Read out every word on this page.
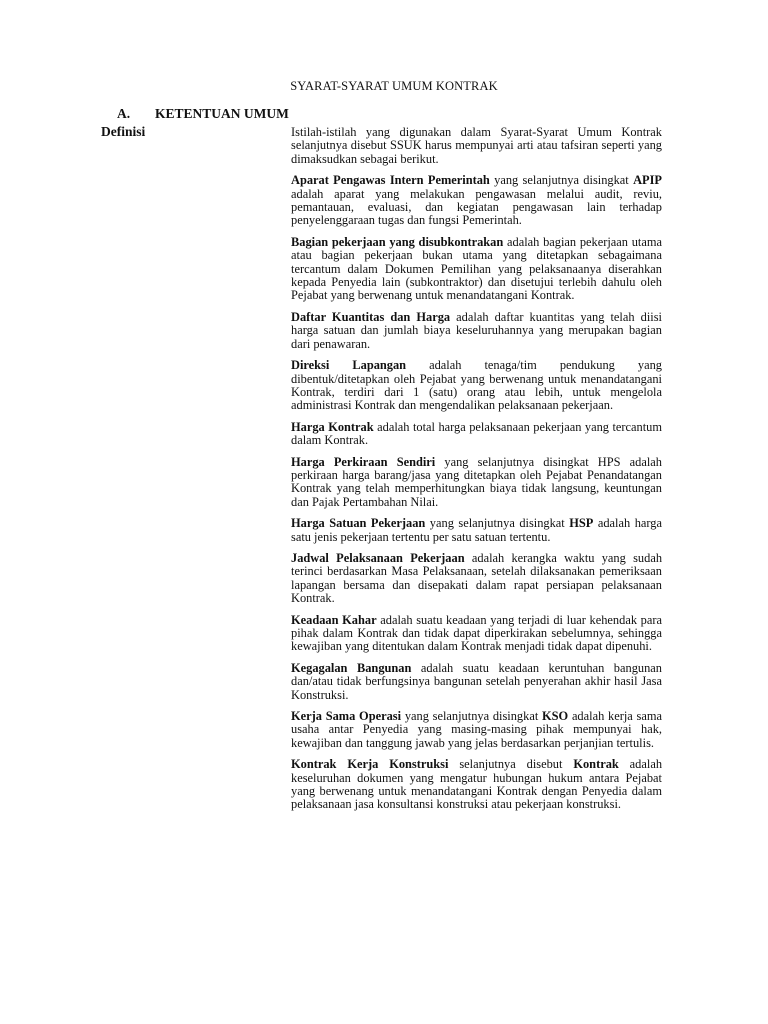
SYARAT-SYARAT UMUM KONTRAK
A. KETENTUAN UMUM
Definisi	Istilah-istilah yang digunakan dalam Syarat-Syarat Umum Kontrak selanjutnya disebut SSUK harus mempunyai arti atau tafsiran seperti yang dimaksudkan sebagai berikut.

Aparat Pengawas Intern Pemerintah yang selanjutnya disingkat APIP adalah aparat yang melakukan pengawasan melalui audit, reviu, pemantauan, evaluasi, dan kegiatan pengawasan lain terhadap penyelenggaraan tugas dan fungsi Pemerintah.

Bagian pekerjaan yang disubkontrakan adalah bagian pekerjaan utama atau bagian pekerjaan bukan utama yang ditetapkan sebagaimana tercantum dalam Dokumen Pemilihan yang pelaksanaanya diserahkan kepada Penyedia lain (subkontraktor) dan disetujui terlebih dahulu oleh Pejabat yang berwenang untuk menandatangani Kontrak.

Daftar Kuantitas dan Harga adalah daftar kuantitas yang telah diisi harga satuan dan jumlah biaya keseluruhannya yang merupakan bagian dari penawaran.

Direksi Lapangan adalah tenaga/tim pendukung yang dibentuk/ditetapkan oleh Pejabat yang berwenang untuk menandatangani Kontrak, terdiri dari 1 (satu) orang atau lebih, untuk mengelola administrasi Kontrak dan mengendalikan pelaksanaan pekerjaan.

Harga Kontrak adalah total harga pelaksanaan pekerjaan yang tercantum dalam Kontrak.

Harga Perkiraan Sendiri yang selanjutnya disingkat HPS adalah perkiraan harga barang/jasa yang ditetapkan oleh Pejabat Penandatangan Kontrak yang telah memperhitungkan biaya tidak langsung, keuntungan dan Pajak Pertambahan Nilai.

Harga Satuan Pekerjaan yang selanjutnya disingkat HSP adalah harga satu jenis pekerjaan tertentu per satu satuan tertentu.

Jadwal Pelaksanaan Pekerjaan adalah kerangka waktu yang sudah terinci berdasarkan Masa Pelaksanaan, setelah dilaksanakan pemeriksaan lapangan bersama dan disepakati dalam rapat persiapan pelaksanaan Kontrak.

Keadaan Kahar adalah suatu keadaan yang terjadi di luar kehendak para pihak dalam Kontrak dan tidak dapat diperkirakan sebelumnya, sehingga kewajiban yang ditentukan dalam Kontrak menjadi tidak dapat dipenuhi.

Kegagalan Bangunan adalah suatu keadaan keruntuhan bangunan dan/atau tidak berfungsinya bangunan setelah penyerahan akhir hasil Jasa Konstruksi.

Kerja Sama Operasi yang selanjutnya disingkat KSO adalah kerja sama usaha antar Penyedia yang masing-masing pihak mempunyai hak, kewajiban dan tanggung jawab yang jelas berdasarkan perjanjian tertulis.

Kontrak Kerja Konstruksi selanjutnya disebut Kontrak adalah keseluruhan dokumen yang mengatur hubungan hukum antara Pejabat yang berwenang untuk menandatangani Kontrak dengan Penyedia dalam pelaksanaan jasa konsultansi konstruksi atau pekerjaan konstruksi.
